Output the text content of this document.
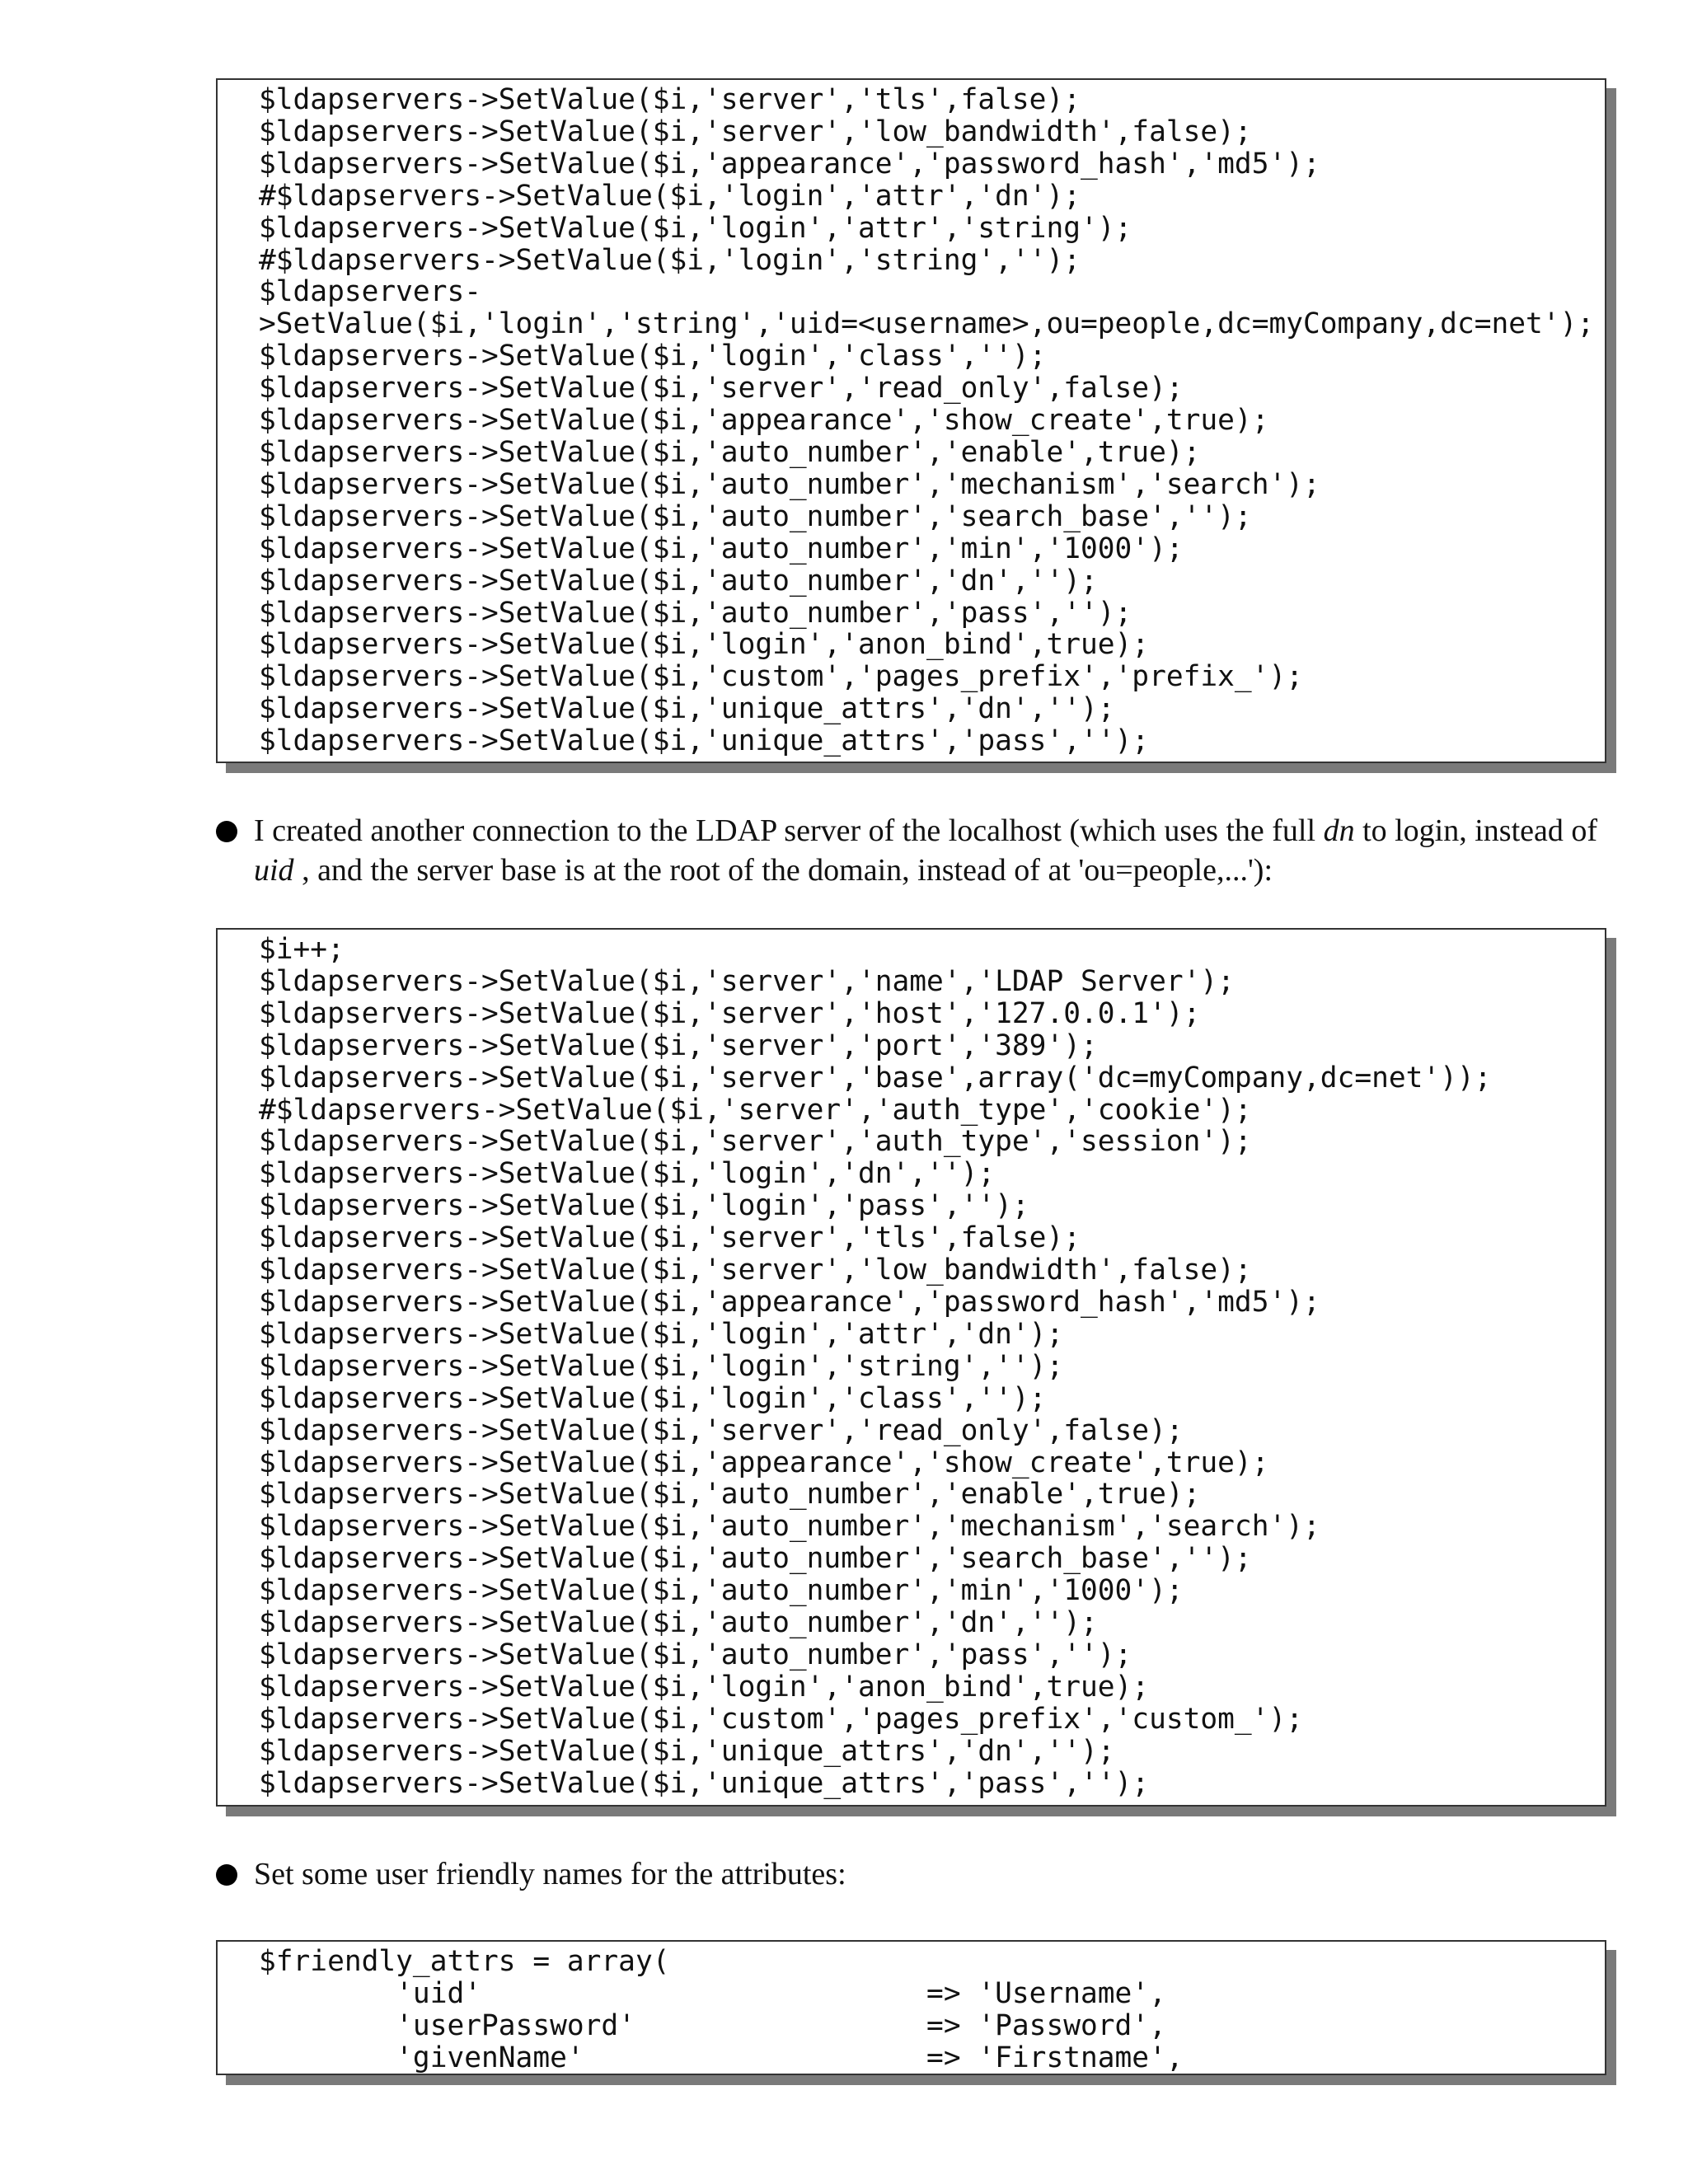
$ldapservers->SetValue($i,'server','tls',false);
$ldapservers->SetValue($i,'server','low_bandwidth',false);
$ldapservers->SetValue($i,'appearance','password_hash','md5');
#$ldapservers->SetValue($i,'login','attr','dn');
$ldapservers->SetValue($i,'login','attr','string');
#$ldapservers->SetValue($i,'login','string','');
$ldapservers-
>SetValue($i,'login','string','uid=<username>,ou=people,dc=myCompany,dc=net');
$ldapservers->SetValue($i,'login','class','');
$ldapservers->SetValue($i,'server','read_only',false);
$ldapservers->SetValue($i,'appearance','show_create',true);
$ldapservers->SetValue($i,'auto_number','enable',true);
$ldapservers->SetValue($i,'auto_number','mechanism','search');
$ldapservers->SetValue($i,'auto_number','search_base','');
$ldapservers->SetValue($i,'auto_number','min','1000');
$ldapservers->SetValue($i,'auto_number','dn','');
$ldapservers->SetValue($i,'auto_number','pass','');
$ldapservers->SetValue($i,'login','anon_bind',true);
$ldapservers->SetValue($i,'custom','pages_prefix','prefix_');
$ldapservers->SetValue($i,'unique_attrs','dn','');
$ldapservers->SetValue($i,'unique_attrs','pass','');
I created another connection to the LDAP server of the localhost (which uses the full dn to login, instead of uid , and the server base is at the root of the domain, instead of at 'ou=people,...'):
$i++;
$ldapservers->SetValue($i,'server','name','LDAP Server');
$ldapservers->SetValue($i,'server','host','127.0.0.1');
$ldapservers->SetValue($i,'server','port','389');
$ldapservers->SetValue($i,'server','base',array('dc=myCompany,dc=net'));
#$ldapservers->SetValue($i,'server','auth_type','cookie');
$ldapservers->SetValue($i,'server','auth_type','session');
$ldapservers->SetValue($i,'login','dn','');
$ldapservers->SetValue($i,'login','pass','');
$ldapservers->SetValue($i,'server','tls',false);
$ldapservers->SetValue($i,'server','low_bandwidth',false);
$ldapservers->SetValue($i,'appearance','password_hash','md5');
$ldapservers->SetValue($i,'login','attr','dn');
$ldapservers->SetValue($i,'login','string','');
$ldapservers->SetValue($i,'login','class','');
$ldapservers->SetValue($i,'server','read_only',false);
$ldapservers->SetValue($i,'appearance','show_create',true);
$ldapservers->SetValue($i,'auto_number','enable',true);
$ldapservers->SetValue($i,'auto_number','mechanism','search');
$ldapservers->SetValue($i,'auto_number','search_base','');
$ldapservers->SetValue($i,'auto_number','min','1000');
$ldapservers->SetValue($i,'auto_number','dn','');
$ldapservers->SetValue($i,'auto_number','pass','');
$ldapservers->SetValue($i,'login','anon_bind',true);
$ldapservers->SetValue($i,'custom','pages_prefix','custom_');
$ldapservers->SetValue($i,'unique_attrs','dn','');
$ldapservers->SetValue($i,'unique_attrs','pass','');
Set some user friendly names for the attributes:
$friendly_attrs = array(
'uid'                          => 'Username',
'userPassword'                 => 'Password',
'givenName'                    => 'Firstname',
